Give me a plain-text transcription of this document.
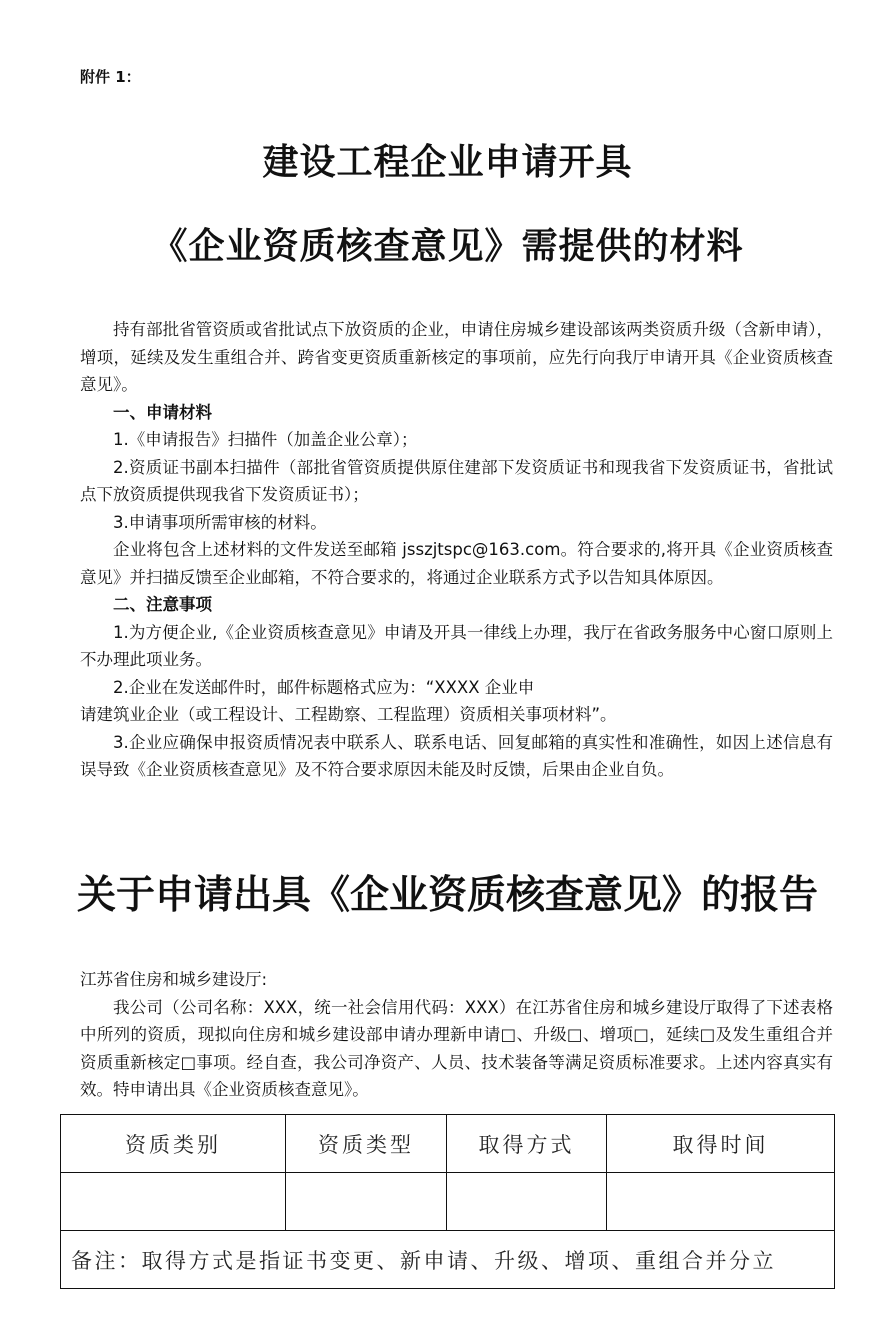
附件 1：
建设工程企业申请开具
《企业资质核查意见》需提供的材料

持有部批省管资质或省批试点下放资质的企业，申请住房城乡建设部该两类资质升级（含新申请），增项，延续及发生重组合并、跨省变更资质重新核定的事项前，应先行向我厅申请开具《企业资质核查意见》。

一、申请材料

1.《申请报告》扫描件（加盖企业公章）；

2.资质证书副本扫描件（部批省管资质提供原住建部下发资质证书和现我省下发资质证书，省批试点下放资质提供现我省下发资质证书）；

3.申请事项所需审核的材料。

企业将包含上述材料的文件发送至邮箱 jsszjtspc@163.com。符合要求的,将开具《企业资质核查意见》并扫描反馈至企业邮箱，不符合要求的，将通过企业联系方式予以告知具体原因。

二、注意事项

1.为方便企业,《企业资质核查意见》申请及开具一律线上办理，我厅在省政务服务中心窗口原则上不办理此项业务。

2.企业在发送邮件时，邮件标题格式应为：“XXXX 企业申

请建筑业企业（或工程设计、工程勘察、工程监理）资质相关事项材料”。

3.企业应确保申报资质情况表中联系人、联系电话、回复邮箱的真实性和准确性，如因上述信息有误导致《企业资质核查意见》及不符合要求原因未能及时反馈，后果由企业自负。

关于申请出具《企业资质核查意见》的报告

江苏省住房和城乡建设厅:

我公司（公司名称：XXX，统一社会信用代码：XXX）在江苏省住房和城乡建设厅取得了下述表格中所列的资质，现拟向住房和城乡建设部申请办理新申请□、升级□、增项□，延续□及发生重组合并资质重新核定□事项。经自查，我公司净资产、人员、技术装备等满足资质标准要求。上述内容真实有效。特申请出具《企业资质核查意见》。

资质类别	资质类型	取得方式	取得时间

备注：取得方式是指证书变更、新申请、升级、增项、重组合并分立			
